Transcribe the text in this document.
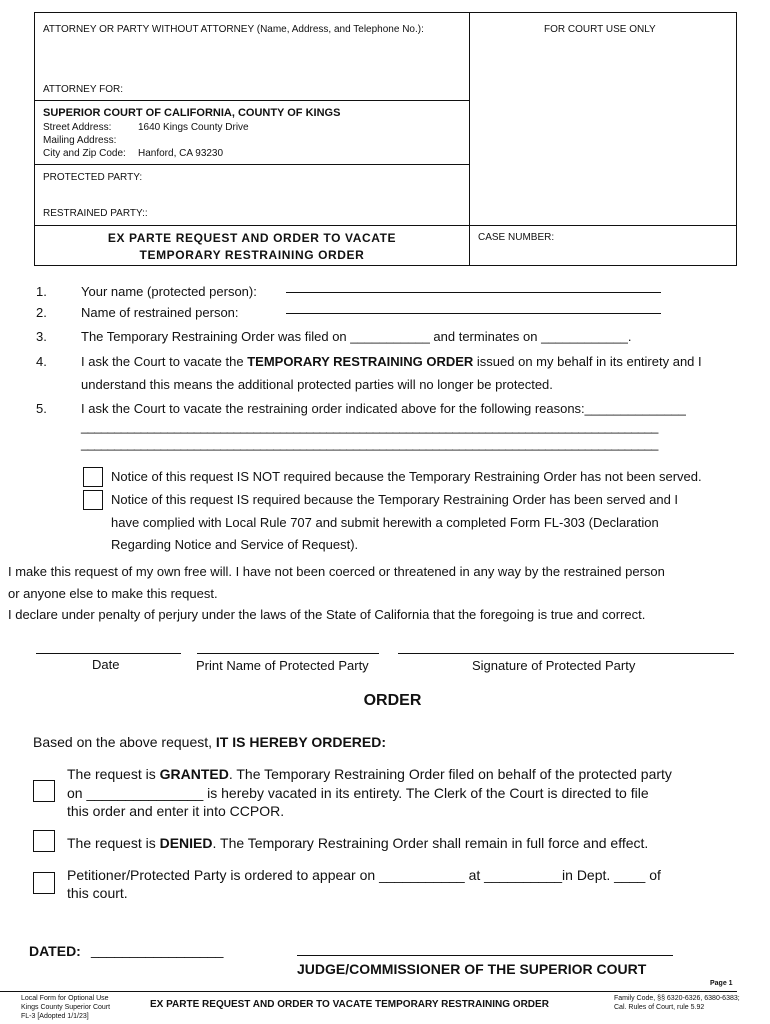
ATTORNEY OR PARTY WITHOUT ATTORNEY (Name, Address, and Telephone No.):	FOR COURT USE ONLY
ATTORNEY FOR:
SUPERIOR COURT OF CALIFORNIA, COUNTY OF KINGS
Street Address:	1640 Kings County Drive
Mailing Address:
City and Zip Code: Hanford, CA 93230
PROTECTED PARTY:
RESTRAINED PARTY::
EX PARTE REQUEST AND ORDER TO VACATE
TEMPORARY RESTRAINING ORDER
CASE NUMBER:
1.	Your name (protected person):
2.	Name of restrained person:
3.	The Temporary Restraining Order was filed on ___________ and terminates on ____________.
4.	I ask the Court to vacate the TEMPORARY RESTRAINING ORDER issued on my behalf in its entirety and I
understand this means the additional protected parties will no longer be protected.
5.	I ask the Court to vacate the restraining order indicated above for the following reasons:______________
_______________________________________________________________________________________
_______________________________________________________________________________________
Notice of this request IS NOT required because the Temporary Restraining Order has not been served.
Notice of this request IS required because the Temporary Restraining Order has been served and I
have complied with Local Rule 707 and submit herewith a completed Form FL-303 (Declaration
Regarding Notice and Service of Request).
I make this request of my own free will. I have not been coerced or threatened in any way by the restrained person
or anyone else to make this request.
I declare under penalty of perjury under the laws of the State of California that the foregoing is true and correct.
Date	Print Name of Protected Party	Signature of Protected Party
ORDER
Based on the above request, IT IS HEREBY ORDERED:
The request is GRANTED. The Temporary Restraining Order filed on behalf of the protected party
on _______________ is hereby vacated in its entirety. The Clerk of the Court is directed to file
this order and enter it into CCPOR.
The request is DENIED. The Temporary Restraining Order shall remain in full force and effect.
Petitioner/Protected Party is ordered to appear on ___________ at __________in Dept. ____ of
this court.
DATED: _________________
JUDGE/COMMISSIONER OF THE SUPERIOR COURT
Page 1
Local Form for Optional Use
Kings County Superior Court
FL-3 [Adopted 1/1/23]
EX PARTE REQUEST AND ORDER TO VACATE TEMPORARY RESTRAINING ORDER
Family Code, §§ 6320-6326, 6380-6383;
Cal. Rules of Court, rule 5.92
